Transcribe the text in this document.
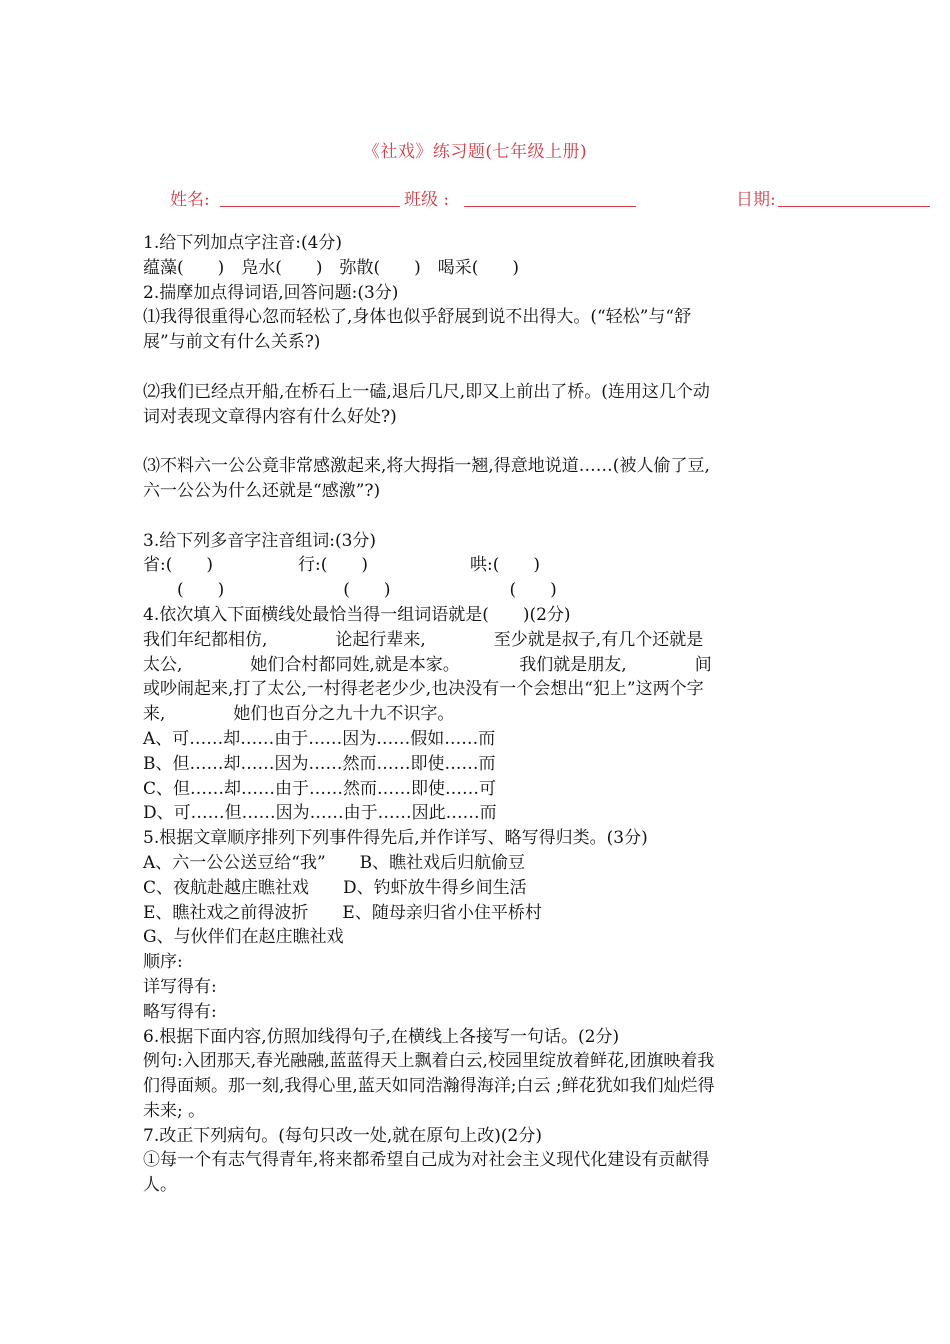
《社戏》练习题(七年级上册)
姓名:	班级 :	日期:

1.给下列加点字注音:(4分)

蕴藻(　　)　凫水(　　)　弥散(　　)　喝采(　　)

2.揣摩加点得词语,回答问题:(3分)

⑴我得很重得心忽而轻松了,身体也似乎舒展到说不出得大。(“轻松”与“舒

展”与前文有什么关系?)

⑵我们已经点开船,在桥石上一磕,退后几尺,即又上前出了桥。(连用这几个动

词对表现文章得内容有什么好处?)

⑶不料六一公公竟非常感激起来,将大拇指一翘,得意地说道……(被人偷了豆,

六一公公为什么还就是“感激”?)

3.给下列多音字注音组词:(3分)

省:(　　)　　　　　行:(　　)　　　　　　哄:(　　)

　　(　　)　　　　　　　(　　)　　　　　　　(　　)

4.依次填入下面横线处最恰当得一组词语就是(　　)(2分)

我们年纪都相仿,　　　　论起行辈来,　　　　至少就是叔子,有几个还就是

太公,　　　　她们合村都同姓,就是本家。　　　　我们就是朋友,　　　　间

或吵闹起来,打了太公,一村得老老少少,也决没有一个会想出“犯上”这两个字

来,　　　　她们也百分之九十九不识字。

A、可……却……由于……因为……假如……而

B、但……却……因为……然而……即使……而

C、但……却……由于……然而……即使……可

D、可……但……因为……由于……因此……而

5.根据文章顺序排列下列事件得先后,并作详写、略写得归类。(3分)

A、六一公公送豆给“我”　　B、瞧社戏后归航偷豆

C、夜航赴越庄瞧社戏　　D、钓虾放牛得乡间生活

E、瞧社戏之前得波折　　E、随母亲归省小住平桥村

G、与伙伴们在赵庄瞧社戏

顺序:

详写得有:

略写得有:

6.根据下面内容,仿照加线得句子,在横线上各接写一句话。(2分)

例句:入团那天,春光融融,蓝蓝得天上飘着白云,校园里绽放着鲜花,团旗映着我

们得面颊。那一刻,我得心里,蓝天如同浩瀚得海洋;白云 ;鲜花犹如我们灿烂得

未来; 。

7.改正下列病句。(每句只改一处,就在原句上改)(2分)

①每一个有志气得青年,将来都希望自己成为对社会主义现代化建设有贡献得

人。
